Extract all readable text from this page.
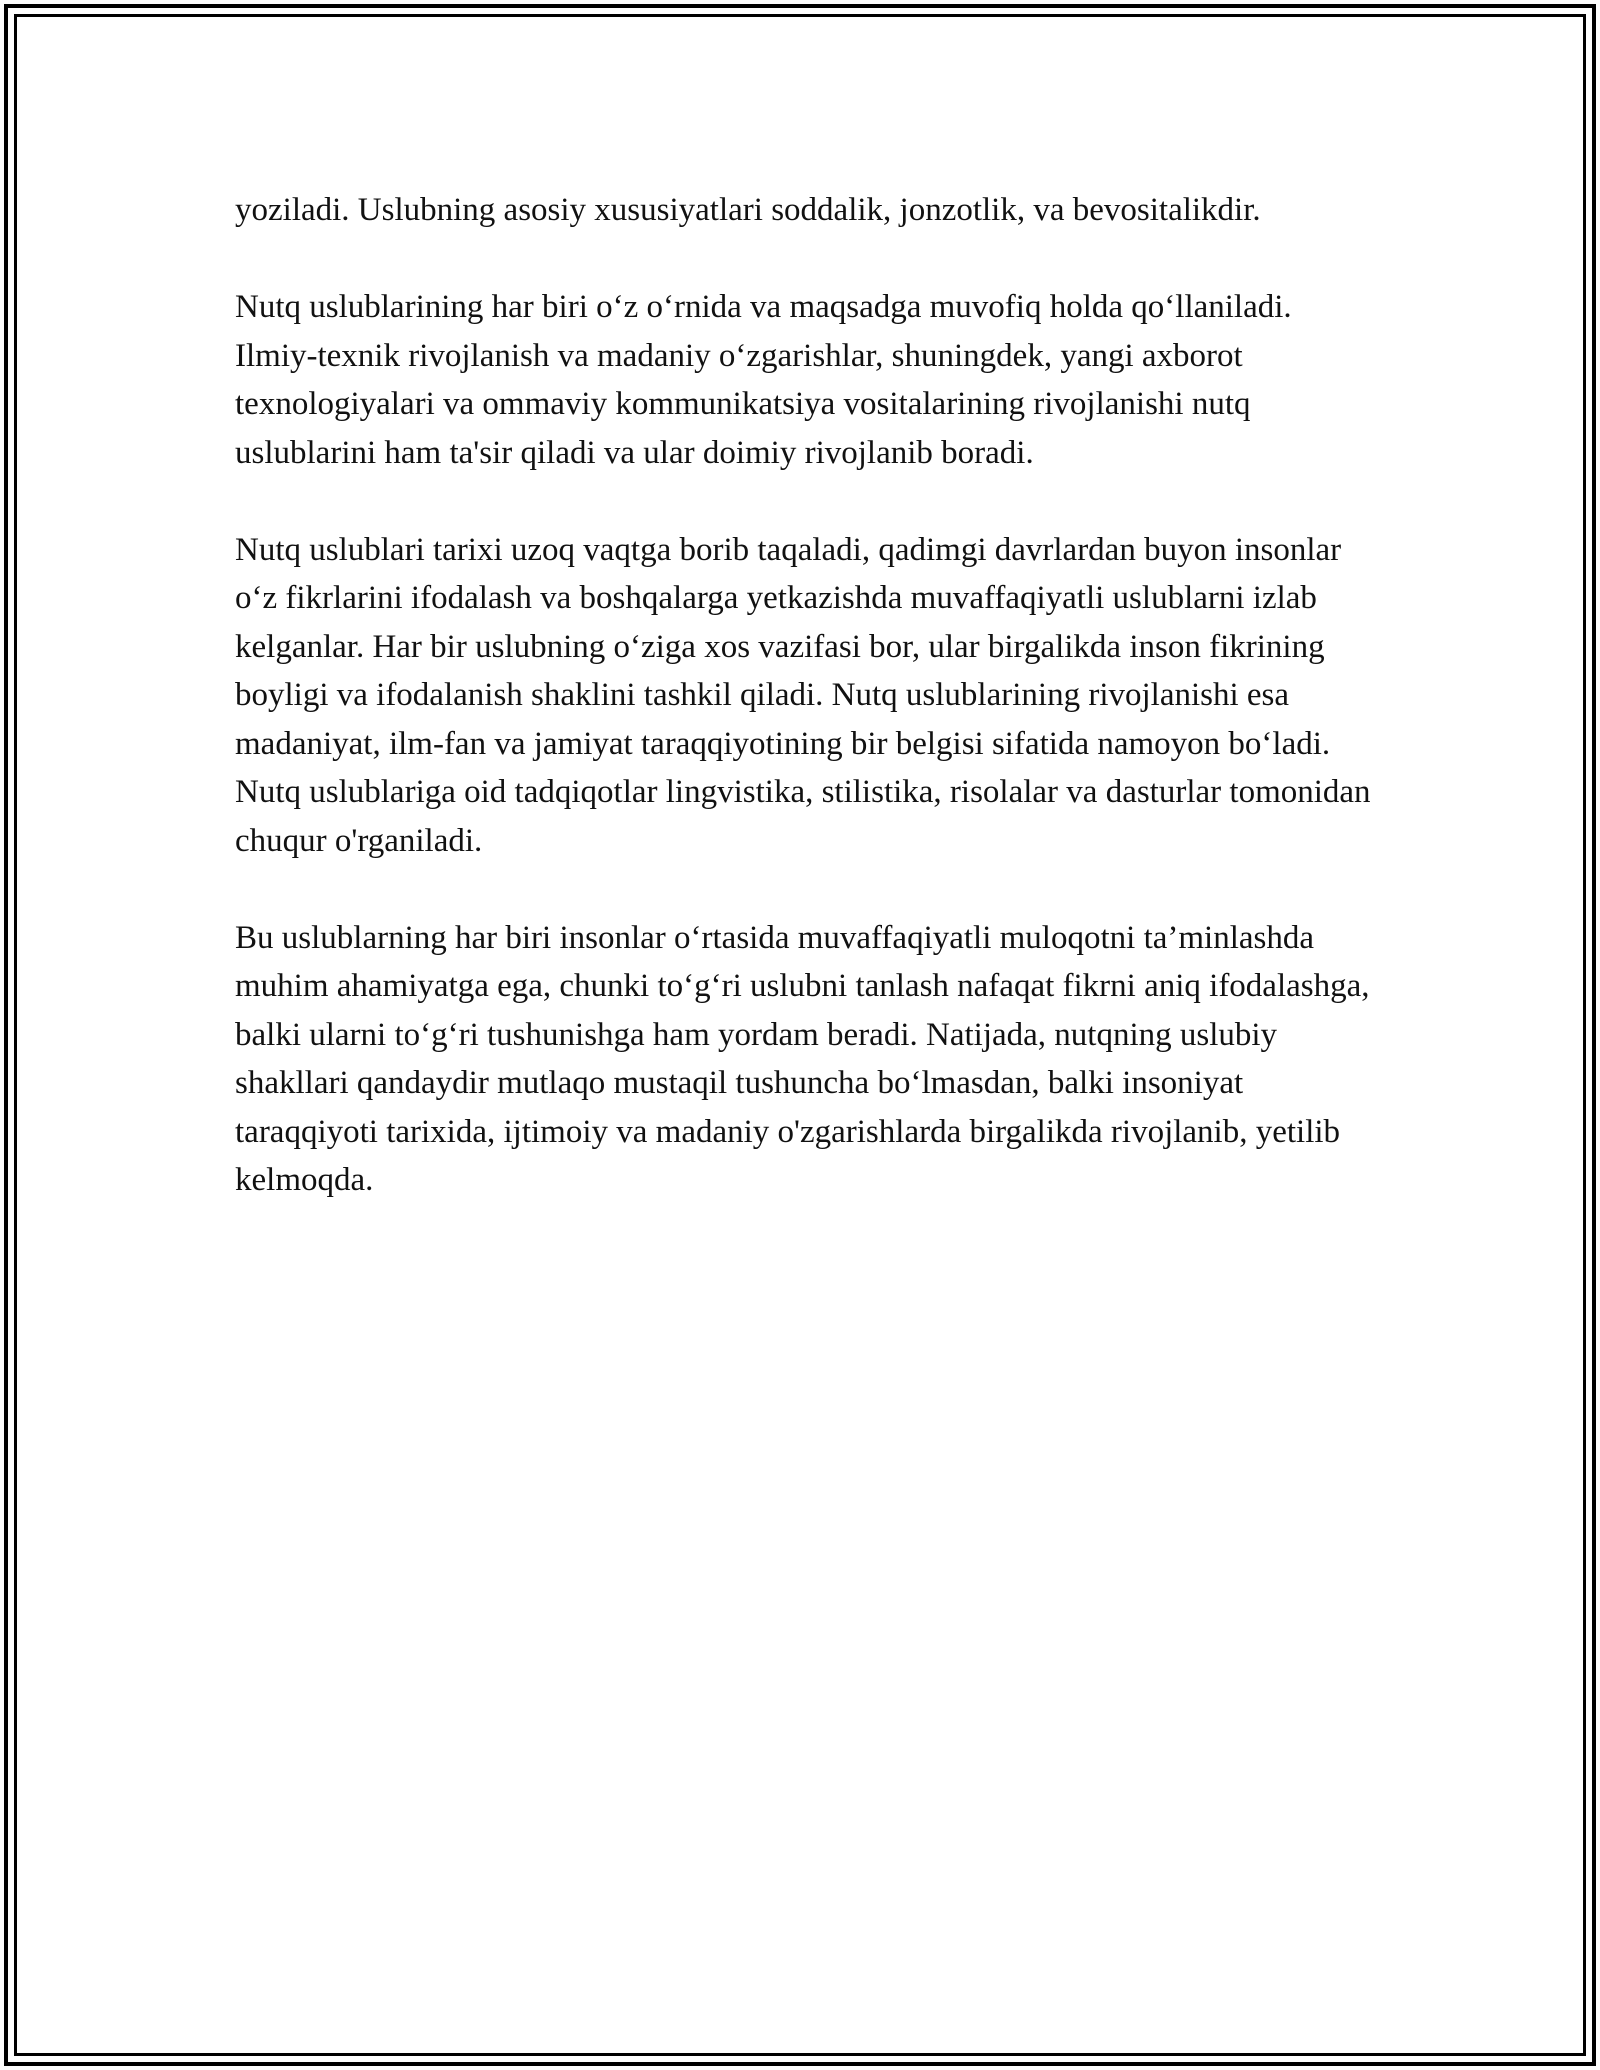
yoziladi. Uslubning asosiy xususiyatlari soddalik, jonzotlik, va bevositalikdir.

Nutq uslublarining har biri o‘z o‘rnida va maqsadga muvofiq holda qo‘llaniladi. Ilmiy-texnik rivojlanish va madaniy o‘zgarishlar, shuningdek, yangi axborot texnologiyalari va ommaviy kommunikatsiya vositalarining rivojlanishi nutq uslublarini ham ta'sir qiladi va ular doimiy rivojlanib boradi.

Nutq uslublari tarixi uzoq vaqtga borib taqaladi, qadimgi davrlardan buyon insonlar o‘z fikrlarini ifodalash va boshqalarga yetkazishda muvaffaqiyatli uslublarni izlab kelganlar. Har bir uslubning o‘ziga xos vazifasi bor, ular birgalikda inson fikrining boyligi va ifodalanish shaklini tashkil qiladi. Nutq uslublarining rivojlanishi esa madaniyat, ilm-fan va jamiyat taraqqiyotining bir belgisi sifatida namoyon bo‘ladi. Nutq uslublariga oid tadqiqotlar lingvistika, stilistika, risolalar va dasturlar tomonidan chuqur o'rganiladi.

Bu uslublarning har biri insonlar o‘rtasida muvaffaqiyatli muloqotni ta’minlashda muhim ahamiyatga ega, chunki to‘g‘ri uslubni tanlash nafaqat fikrni aniq ifodalashga, balki ularni to‘g‘ri tushunishga ham yordam beradi. Natijada, nutqning uslubiy shakllari qandaydir mutlaqo mustaqil tushuncha bo‘lmasdan, balki insoniyat taraqqiyoti tarixida, ijtimoiy va madaniy o'zgarishlarda birgalikda rivojlanib, yetilib kelmoqda.
